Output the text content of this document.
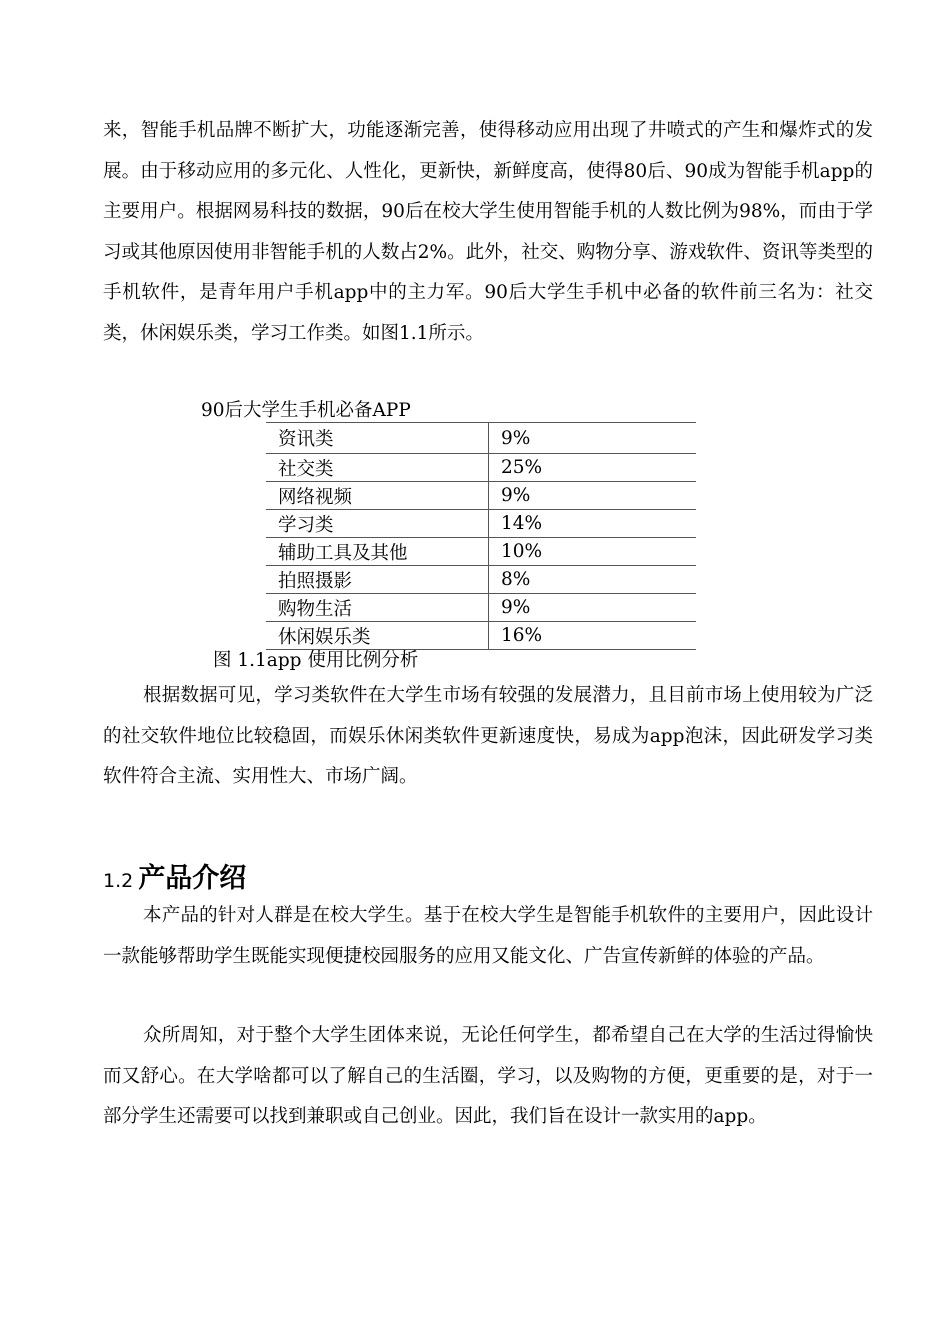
来，智能手机品牌不断扩大，功能逐渐完善，使得移动应用出现了井喷式的产生和爆炸式的发展。由于移动应用的多元化、人性化，更新快，新鲜度高，使得80后、90成为智能手机app的主要用户。根据网易科技的数据，90后在校大学生使用智能手机的人数比例为98%，而由于学习或其他原因使用非智能手机的人数占2%。此外，社交、购物分享、游戏软件、资讯等类型的手机软件，是青年用户手机app中的主力军。90后大学生手机中必备的软件前三名为：社交类，休闲娱乐类，学习工作类。如图1.1所示。

90后大学生手机必备APP
资讯类	9%
社交类	25%
网络视频	9%
学习类	14%
辅助工具及其他	10%
拍照摄影	8%
购物生活	9%
休闲娱乐类	16%
图 1.1app 使用比例分析

根据数据可见，学习类软件在大学生市场有较强的发展潜力，且目前市场上使用较为广泛的社交软件地位比较稳固，而娱乐休闲类软件更新速度快，易成为app泡沫，因此研发学习类软件符合主流、实用性大、市场广阔。

1.2 产品介绍

本产品的针对人群是在校大学生。基于在校大学生是智能手机软件的主要用户，因此设计一款能够帮助学生既能实现便捷校园服务的应用又能文化、广告宣传新鲜的体验的产品。

众所周知，对于整个大学生团体来说，无论任何学生，都希望自己在大学的生活过得愉快而又舒心。在大学啥都可以了解自己的生活圈，学习，以及购物的方便，更重要的是，对于一部分学生还需要可以找到兼职或自己创业。因此，我们旨在设计一款实用的app。
